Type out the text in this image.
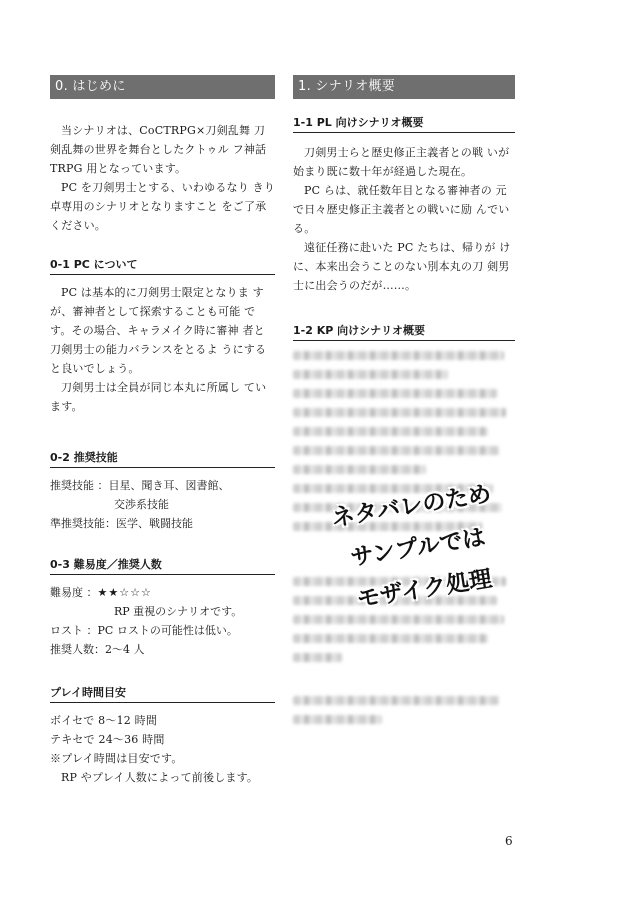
0. はじめに

当シナリオは、CoCTRPG×刀剣乱舞 刀剣乱舞の世界を舞台としたクトゥル フ神話 TRPG 用となっています。

PC を刀剣男士とする、いわゆるなり きり卓専用のシナリオとなりますこと をご了承ください。

0-1 PC について

PC は基本的に刀剣男士限定となりま すが、審神者として探索することも可能 です。その場合、キャラメイク時に審神 者と刀剣男士の能力バランスをとるよ うにすると良いでしょう。

刀剣男士は全員が同じ本丸に所属し ています。

0-2 推奨技能
推奨技能 ： 目星、聞き耳、図書館、
交渉系技能
準推奨技能： 医学、戦闘技能
0-3 難易度／推奨人数
難易度 ： ★★☆☆☆
RP 重視のシナリオです。
ロスト ： PC ロストの可能性は低い。
推奨人数： 2～4 人
プレイ時間目安

ボイセで 8～12 時間

テキセで 24～36 時間

※プレイ時間は目安です。

RP やプレイ人数によって前後します。

1. シナリオ概要
1-1 PL 向けシナリオ概要

刀剣男士らと歴史修正主義者との戦 いが始まり既に数十年が経過した現在。

PC らは、就任数年目となる審神者の 元で日々歴史修正主義者との戦いに励 んでいる。

遠征任務に赴いた PC たちは、帰りが けに、本来出会うことのない別本丸の刀 剣男士に出会うのだが……。

1-2 KP 向けシナリオ概要
ネタバレのため
サンプルでは
モザイク処理
6
